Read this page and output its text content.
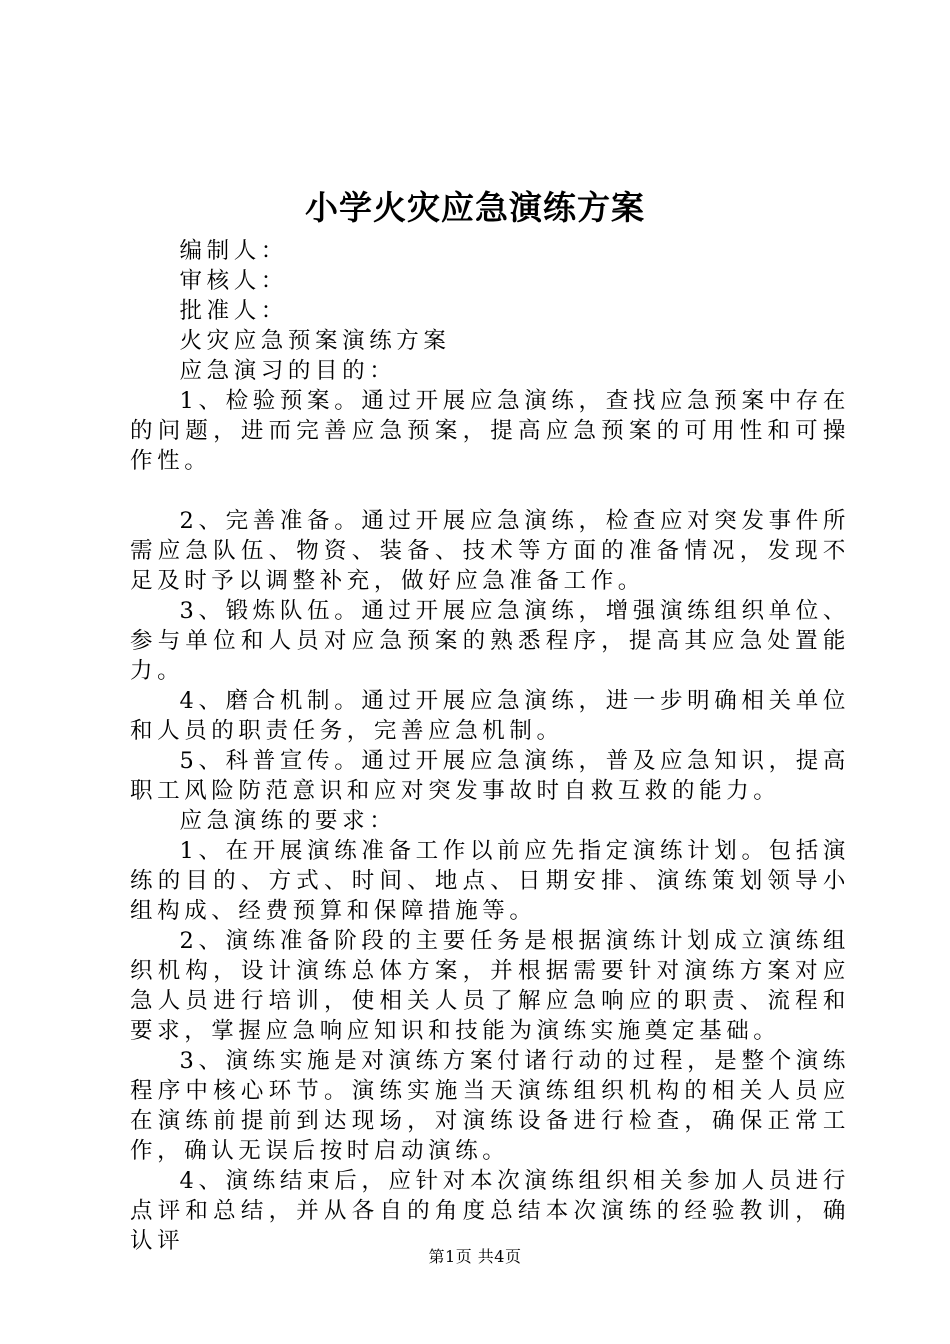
小学火灾应急演练方案

编制人：

审核人：

批准人：

火灾应急预案演练方案

应急演习的目的：

1、检验预案。通过开展应急演练，查找应急预案中存在的问题，进而完善应急预案，提高应急预案的可用性和可操作性。

2、完善准备。通过开展应急演练，检查应对突发事件所需应急队伍、物资、装备、技术等方面的准备情况，发现不足及时予以调整补充，做好应急准备工作。

3、锻炼队伍。通过开展应急演练，增强演练组织单位、参与单位和人员对应急预案的熟悉程序，提高其应急处置能力。

4、磨合机制。通过开展应急演练，进一步明确相关单位和人员的职责任务，完善应急机制。

5、科普宣传。通过开展应急演练，普及应急知识，提高职工风险防范意识和应对突发事故时自救互救的能力。

应急演练的要求：

1、在开展演练准备工作以前应先指定演练计划。包括演练的目的、方式、时间、地点、日期安排、演练策划领导小组构成、经费预算和保障措施等。

2、演练准备阶段的主要任务是根据演练计划成立演练组织机构，设计演练总体方案，并根据需要针对演练方案对应急人员进行培训，使相关人员了解应急响应的职责、流程和要求，掌握应急响应知识和技能为演练实施奠定基础。

3、演练实施是对演练方案付诸行动的过程，是整个演练程序中核心环节。演练实施当天演练组织机构的相关人员应在演练前提前到达现场，对演练设备进行检查，确保正常工作，确认无误后按时启动演练。

4、演练结束后，应针对本次演练组织相关参加人员进行点评和总结，并从各自的角度总结本次演练的经验教训，确认评

第1页 共4页
